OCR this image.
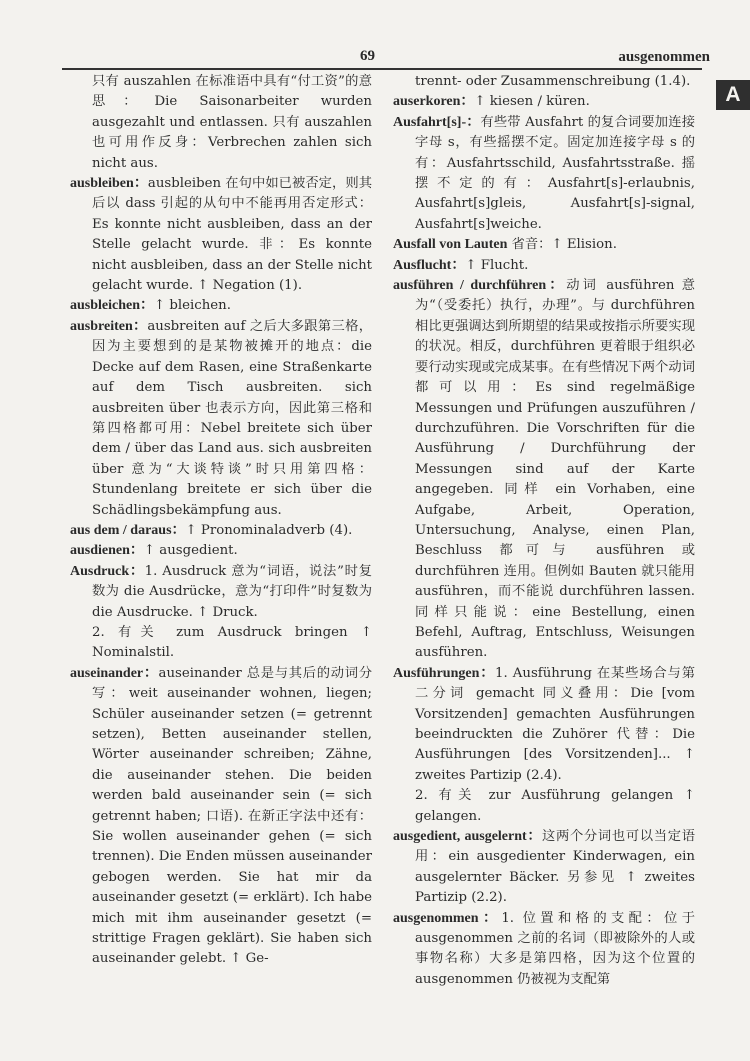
69	ausgenommen
A

只有 auszahlen 在标准语中具有“付工资”的意思：Die Saisonarbeiter wurden ausgezahlt und entlassen. 只有 auszahlen 也可用作反身：Verbrechen zahlen sich nicht aus.

ausbleiben：ausbleiben 在句中如已被否定，则其后以 dass 引起的从句中不能再用否定形式：Es konnte nicht ausbleiben, dass an der Stelle gelacht wurde. 非：Es konnte nicht ausbleiben, dass an der Stelle nicht gelacht wurde. ↑ Negation (1).

ausbleichen：↑ bleichen.

ausbreiten：ausbreiten auf 之后大多跟第三格，因为主要想到的是某物被摊开的地点：die Decke auf dem Rasen, eine Straßenkarte auf dem Tisch ausbreiten. sich ausbreiten über 也表示方向，因此第三格和第四格都可用：Nebel breitete sich über dem / über das Land aus. sich ausbreiten über 意为“大谈特谈”时只用第四格：Stundenlang breitete er sich über die Schädlingsbekämpfung aus.

aus dem / daraus：↑ Pronominaladverb (4).

ausdienen：↑ ausgedient.

Ausdruck：1. Ausdruck 意为“词语，说法”时复数为 die Ausdrücke，意为“打印件”时复数为 die Ausdrucke. ↑ Druck.

2. 有关 zum Ausdruck bringen ↑ Nominalstil.

auseinander：auseinander 总是与其后的动词分写：weit auseinander wohnen, liegen; Schüler auseinander setzen (= getrennt setzen), Betten auseinander stellen, Wörter auseinander schreiben; Zähne, die auseinander stehen. Die beiden werden bald auseinander sein (= sich getrennt haben; 口语). 在新正字法中还有：Sie wollen auseinander gehen (= sich trennen). Die Enden müssen auseinander gebogen werden. Sie hat mir da auseinander gesetzt (= erklärt). Ich habe mich mit ihm auseinander gesetzt (= strittige Fragen geklärt). Sie haben sich auseinander gelebt. ↑ Ge-

trennt- oder Zusammenschreibung (1.4).

auserkoren：↑ kiesen / küren.

Ausfahrt[s]-：有些带 Ausfahrt 的复合词要加连接字母 s，有些摇摆不定。固定加连接字母 s 的有：Ausfahrtsschild, Ausfahrtsstraße. 摇摆不定的有：Ausfahrt[s]-erlaubnis, Ausfahrt[s]gleis, Ausfahrt[s]-signal, Ausfahrt[s]weiche.

Ausfall von Lauten 省音：↑ Elision.

Ausflucht：↑ Flucht.

ausführen / durchführen：动词 ausführen 意为“（受委托）执行，办理”。与 durchführen 相比更强调达到所期望的结果或按指示所要实现的状况。相反，durchführen 更着眼于组织必要行动实现或完成某事。在有些情况下两个动词都可以用：Es sind regelmäßige Messungen und Prüfungen auszuführen / durchzuführen. Die Vorschriften für die Ausführung / Durchführung der Messungen sind auf der Karte angegeben. 同样 ein Vorhaben, eine Aufgabe, Arbeit, Operation, Untersuchung, Analyse, einen Plan, Beschluss 都可与 ausführen 或 durchführen 连用。但例如 Bauten 就只能用 ausführen，而不能说 durchführen lassen. 同样只能说：eine Bestellung, einen Befehl, Auftrag, Entschluss, Weisungen ausführen.

Ausführungen：1. Ausführung 在某些场合与第二分词 gemacht 同义叠用：Die [vom Vorsitzenden] gemachten Ausführungen beeindruckten die Zuhörer 代替：Die Ausführungen [des Vorsitzenden]... ↑ zweites Partizip (2.4).

2. 有关 zur Ausführung gelangen ↑ gelangen.

ausgedient, ausgelernt：这两个分词也可以当定语用：ein ausgedienter Kinderwagen, ein ausgelernter Bäcker. 另参见 ↑ zweites Partizip (2.2).

ausgenommen：1. 位置和格的支配：位于 ausgenommen 之前的名词（即被除外的人或事物名称）大多是第四格，因为这个位置的 ausgenommen 仍被视为支配第
